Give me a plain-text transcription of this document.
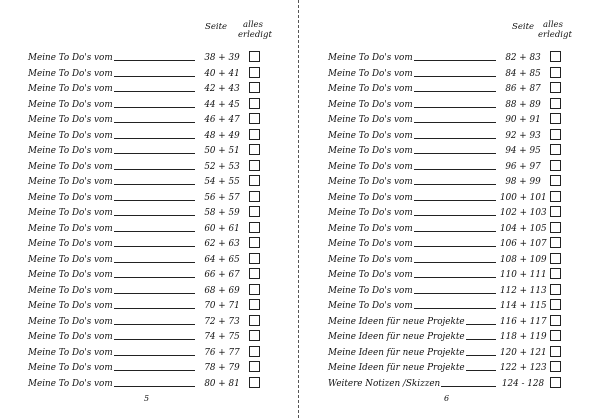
Seite	alles
erledigt
Meine To Do's vom	38 + 39
Meine To Do's vom	40 + 41
Meine To Do's vom	42 + 43
Meine To Do's vom	44 + 45
Meine To Do's vom	46 + 47
Meine To Do's vom	48 + 49
Meine To Do's vom	50 + 51
Meine To Do's vom	52 + 53
Meine To Do's vom	54 + 55
Meine To Do's vom	56 + 57
Meine To Do's vom	58 + 59
Meine To Do's vom	60 + 61
Meine To Do's vom	62 + 63
Meine To Do's vom	64 + 65
Meine To Do's vom	66 + 67
Meine To Do's vom	68 + 69
Meine To Do's vom	70 + 71
Meine To Do's vom	72 + 73
Meine To Do's vom	74 + 75
Meine To Do's vom	76 + 77
Meine To Do's vom	78 + 79
Meine To Do's vom	80 + 81
5
Seite	alles
erledigt
Meine To Do's vom	82 + 83
Meine To Do's vom	84 + 85
Meine To Do's vom	86 + 87
Meine To Do's vom	88 + 89
Meine To Do's vom	90 + 91
Meine To Do's vom	92 + 93
Meine To Do's vom	94 + 95
Meine To Do's vom	96 + 97
Meine To Do's vom	98 + 99
Meine To Do's vom	100 + 101
Meine To Do's vom	102 + 103
Meine To Do's vom	104 + 105
Meine To Do's vom	106 + 107
Meine To Do's vom	108 + 109
Meine To Do's vom	110 + 111
Meine To Do's vom	112 + 113
Meine To Do's vom	114 + 115
Meine Ideen für neue Projekte	116 + 117
Meine Ideen für neue Projekte	118 + 119
Meine Ideen für neue Projekte	120 + 121
Meine Ideen für neue Projekte	122 + 123
Weitere Notizen /Skizzen	124 - 128
6
